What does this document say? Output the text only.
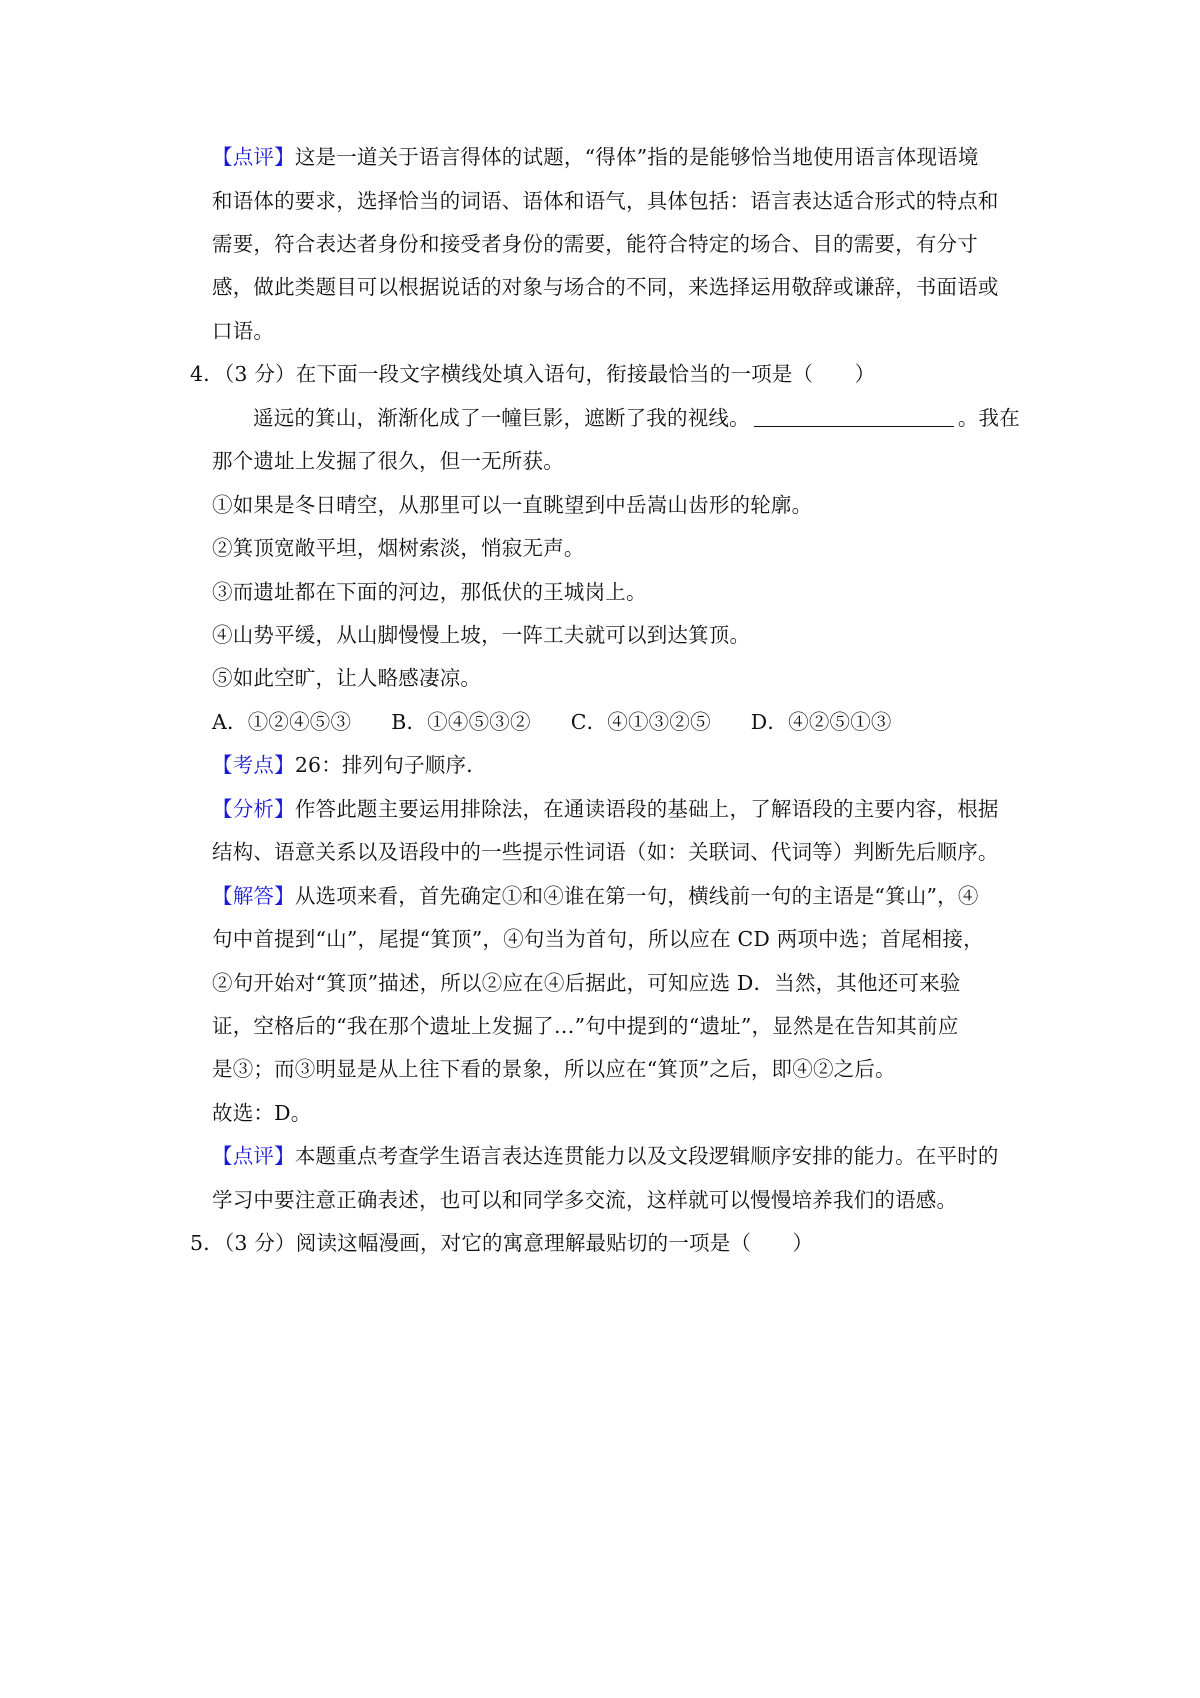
【点评】这是一道关于语言得体的试题，“得体”指的是能够恰当地使用语言体现语境
和语体的要求，选择恰当的词语、语体和语气，具体包括：语言表达适合形式的特点和
需要，符合表达者身份和接受者身份的需要，能符合特定的场合、目的需要，有分寸
感，做此类题目可以根据说话的对象与场合的不同，来选择运用敬辞或谦辞，书面语或
口语。
4．（3 分）在下面一段文字横线处填入语句，衔接最恰当的一项是（　　）
遥远的箕山，渐渐化成了一幢巨影，遮断了我的视线。	。我在
那个遗址上发掘了很久，但一无所获。
①如果是冬日晴空，从那里可以一直眺望到中岳嵩山齿形的轮廓。
②箕顶宽敞平坦，烟树索淡，悄寂无声。
③而遗址都在下面的河边，那低伏的王城岗上。
④山势平缓，从山脚慢慢上坡，一阵工夫就可以到达箕顶。
⑤如此空旷，让人略感凄凉。
A．①②④⑤③ B．①④⑤③② C．④①③②⑤ D．④②⑤①③
【考点】26：排列句子顺序．
【分析】作答此题主要运用排除法，在通读语段的基础上，了解语段的主要内容，根据
结构、语意关系以及语段中的一些提示性词语（如：关联词、代词等）判断先后顺序。
【解答】从选项来看，首先确定①和④谁在第一句，横线前一句的主语是“箕山”，④
句中首提到“山”，尾提“箕顶”，④句当为首句，所以应在 CD 两项中选；首尾相接，
②句开始对“箕顶”描述，所以②应在④后据此，可知应选 D．当然，其他还可来验
证，空格后的“我在那个遗址上发掘了…”句中提到的“遗址”，显然是在告知其前应
是③；而③明显是从上往下看的景象，所以应在“箕顶”之后，即④②之后。
故选：D。
【点评】本题重点考查学生语言表达连贯能力以及文段逻辑顺序安排的能力。在平时的
学习中要注意正确表述，也可以和同学多交流，这样就可以慢慢培养我们的语感。
5．（3 分）阅读这幅漫画，对它的寓意理解最贴切的一项是（　　）
